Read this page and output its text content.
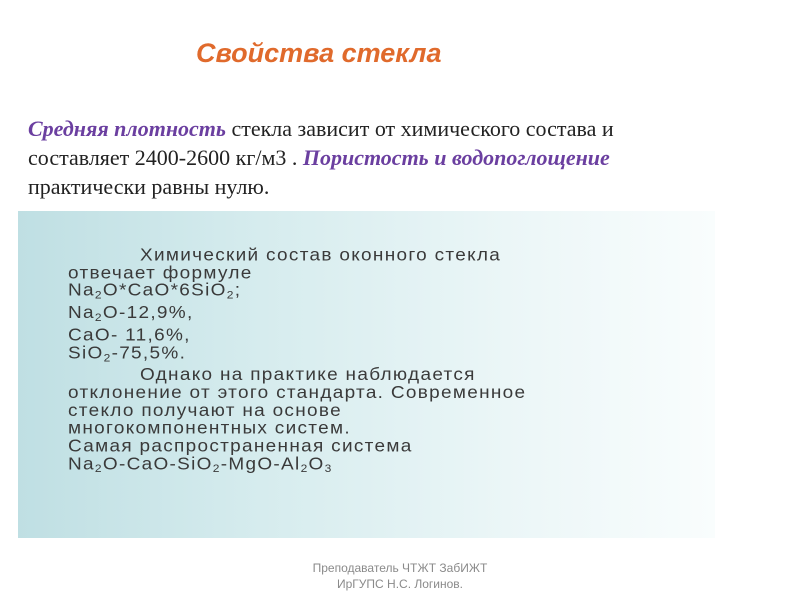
Свойства стекла
Средняя плотность стекла зависит от химического состава и составляет 2400-2600 кг/м3 . Пористость и водопоглощение практически равны нулю.
Химический состав оконного стекла
отвечает формуле
$Na_2O*CaO*6SiO_2$;
$Na_2O-12,9\%$,
CaO- 11,6%,
SiO$_2$-75,5%.
Однако на практике наблюдается
отклонение от этого стандарта. Современное
стекло получают на основе
многокомпонентных систем.
Самая распространенная система
$Na_2O-CaO-SiO_2-MgO-Al_2O_3$
Преподаватель ЧТЖТ ЗабИЖТ
ИрГУПС Н.С. Логинов.
